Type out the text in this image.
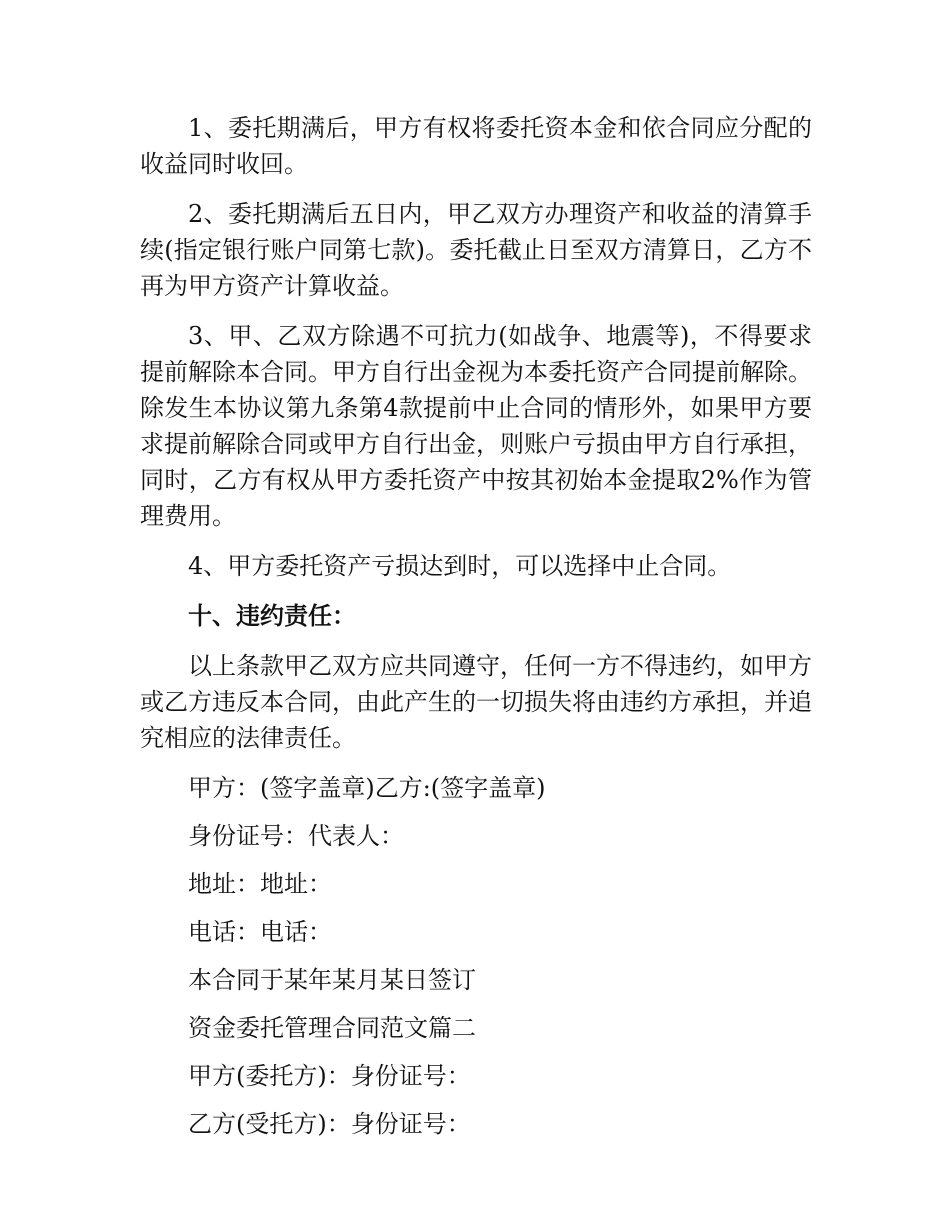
1、委托期满后，甲方有权将委托资本金和依合同应分配的收益同时收回。

2、委托期满后五日内，甲乙双方办理资产和收益的清算手续(指定银行账户同第七款)。委托截止日至双方清算日，乙方不再为甲方资产计算收益。

3、甲、乙双方除遇不可抗力(如战争、地震等)，不得要求提前解除本合同。甲方自行出金视为本委托资产合同提前解除。除发生本协议第九条第4款提前中止合同的情形外，如果甲方要求提前解除合同或甲方自行出金，则账户亏损由甲方自行承担，同时，乙方有权从甲方委托资产中按其初始本金提取2%作为管理费用。

4、甲方委托资产亏损达到时，可以选择中止合同。

十、违约责任：

以上条款甲乙双方应共同遵守，任何一方不得违约，如甲方或乙方违反本合同，由此产生的一切损失将由违约方承担，并追究相应的法律责任。

甲方：(签字盖章)乙方:(签字盖章)

身份证号：代表人：

地址：地址：

电话：电话：

本合同于某年某月某日签订

资金委托管理合同范文篇二

甲方(委托方)：身份证号：

乙方(受托方)：身份证号：
